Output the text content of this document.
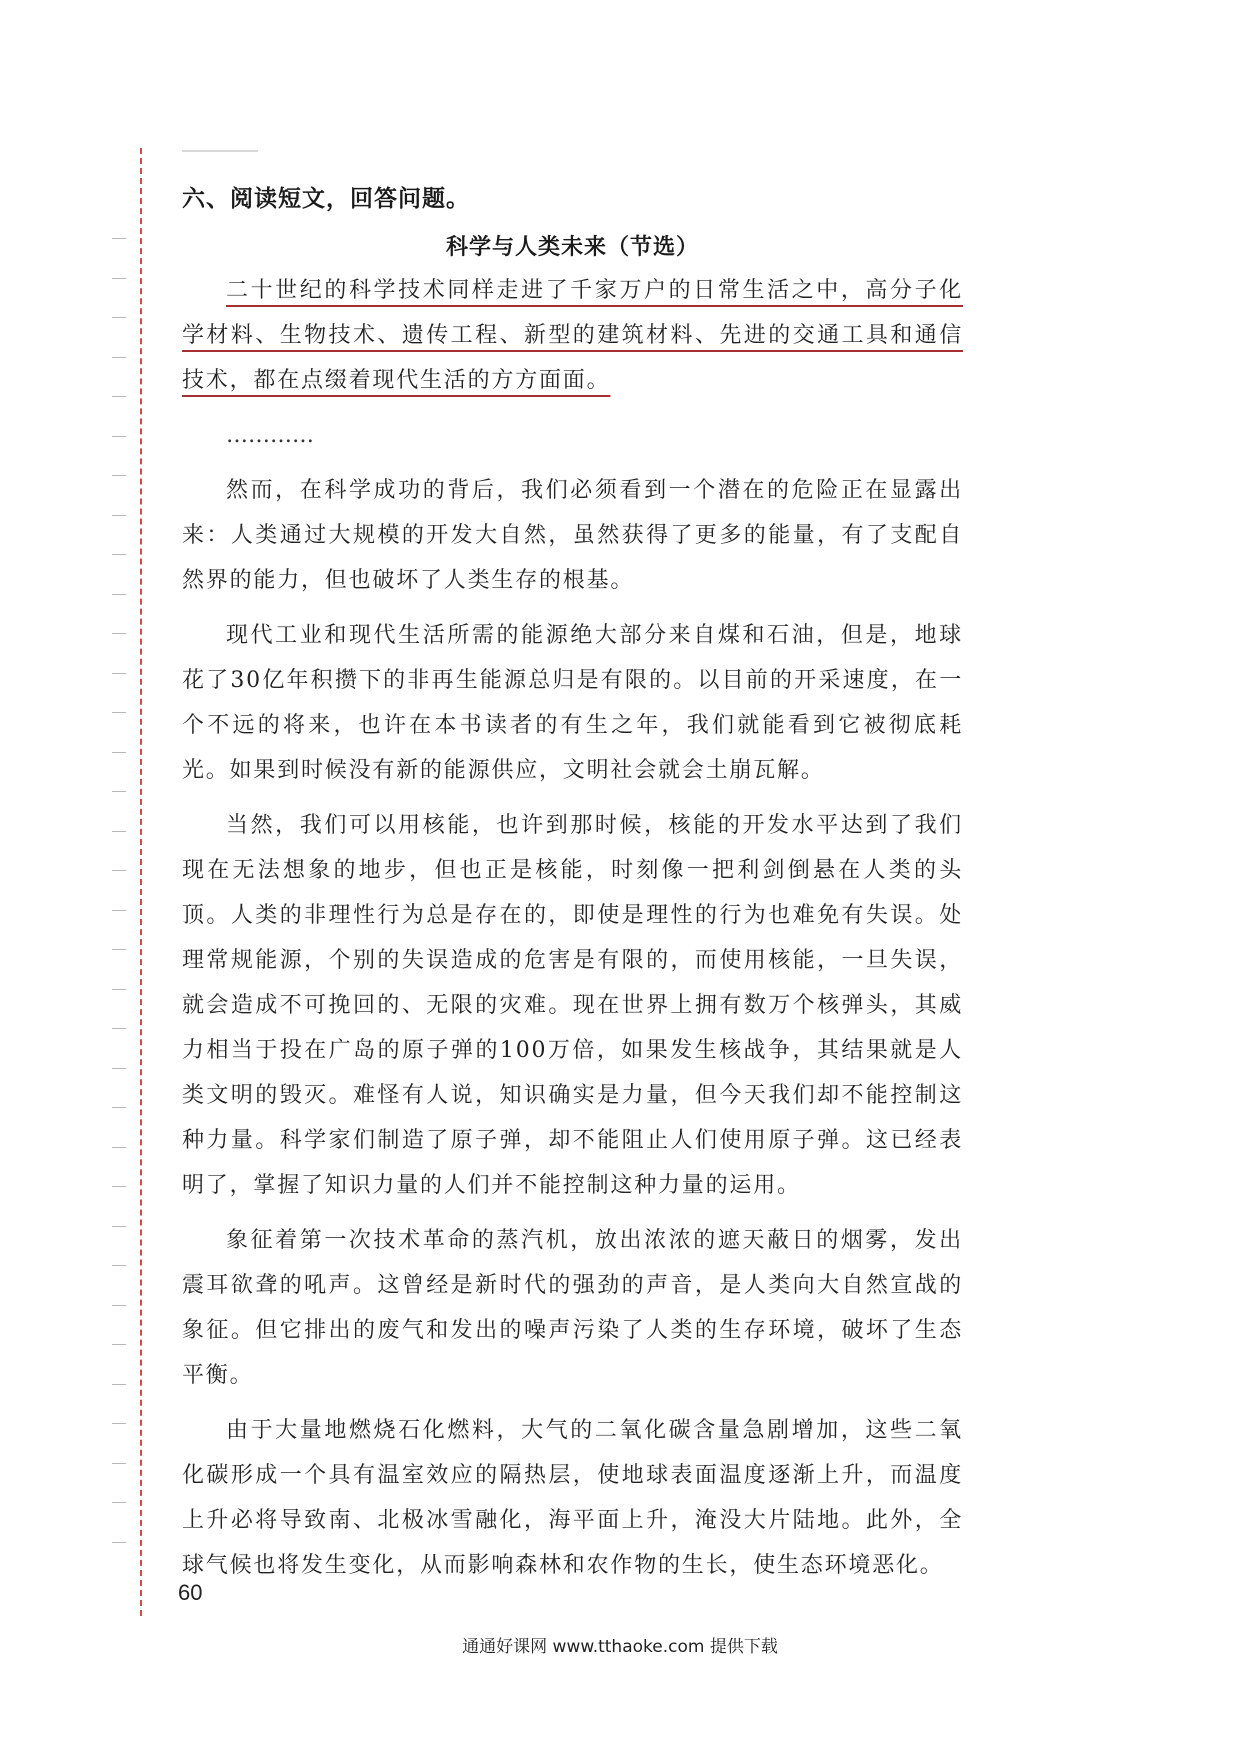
六、阅读短文，回答问题。
科学与人类未来（节选）

二十世纪的科学技术同样走进了千家万户的日常生活之中，高分子化学材料、生物技术、遗传工程、新型的建筑材料、先进的交通工具和通信技术，都在点缀着现代生活的方方面面。

…………

然而，在科学成功的背后，我们必须看到一个潜在的危险正在显露出来：人类通过大规模的开发大自然，虽然获得了更多的能量，有了支配自然界的能力，但也破坏了人类生存的根基。

现代工业和现代生活所需的能源绝大部分来自煤和石油，但是，地球花了30亿年积攒下的非再生能源总归是有限的。以目前的开采速度，在一个不远的将来，也许在本书读者的有生之年，我们就能看到它被彻底耗光。如果到时候没有新的能源供应，文明社会就会土崩瓦解。

当然，我们可以用核能，也许到那时候，核能的开发水平达到了我们现在无法想象的地步，但也正是核能，时刻像一把利剑倒悬在人类的头顶。人类的非理性行为总是存在的，即使是理性的行为也难免有失误。处理常规能源，个别的失误造成的危害是有限的，而使用核能，一旦失误，就会造成不可挽回的、无限的灾难。现在世界上拥有数万个核弹头，其威力相当于投在广岛的原子弹的100万倍，如果发生核战争，其结果就是人类文明的毁灭。难怪有人说，知识确实是力量，但今天我们却不能控制这种力量。科学家们制造了原子弹，却不能阻止人们使用原子弹。这已经表明了，掌握了知识力量的人们并不能控制这种力量的运用。

象征着第一次技术革命的蒸汽机，放出浓浓的遮天蔽日的烟雾，发出震耳欲聋的吼声。这曾经是新时代的强劲的声音，是人类向大自然宣战的象征。但它排出的废气和发出的噪声污染了人类的生存环境，破坏了生态平衡。

由于大量地燃烧石化燃料，大气的二氧化碳含量急剧增加，这些二氧化碳形成一个具有温室效应的隔热层，使地球表面温度逐渐上升，而温度上升必将导致南、北极冰雪融化，海平面上升，淹没大片陆地。此外，全球气候也将发生变化，从而影响森林和农作物的生长，使生态环境恶化。

60
通通好课网 www.tthaoke.com 提供下载
